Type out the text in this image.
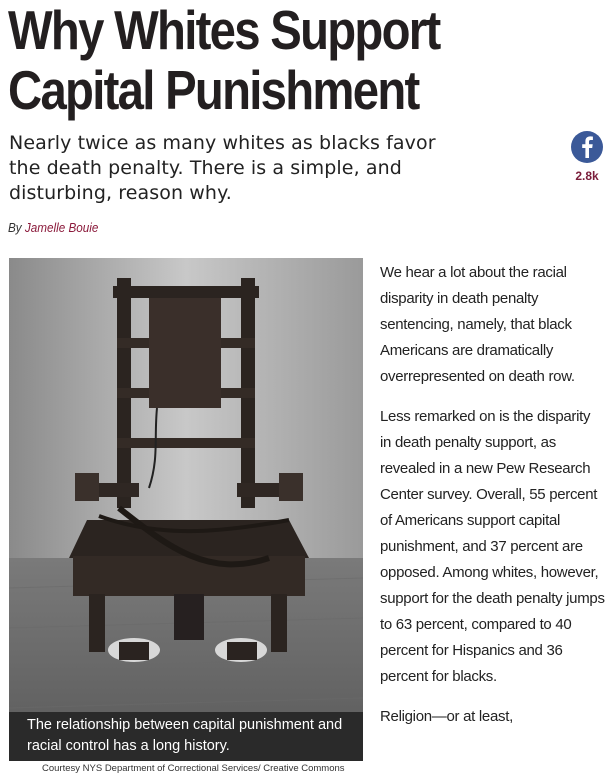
Why Whites Support
Capital Punishment

Nearly twice as many whites as blacks favor the death penalty. There is a simple, and disturbing, reason why.

2.8k
By Jamelle Bouie
The relationship between capital punishment and racial control has a long history.
Courtesy NYS Department of Correctional Services/ Creative Commons

We hear a lot about the racial disparity in death penalty sentencing, namely, that black Americans are dramatically overrepresented on death row.

Less remarked on is the disparity in death penalty support, as revealed in a new Pew Research Center survey. Overall, 55 percent of Americans support capital punishment, and 37 percent are opposed. Among whites, however, support for the death penalty jumps to 63 percent, compared to 40 percent for Hispanics and 36 percent for blacks.

Religion—or at least,
